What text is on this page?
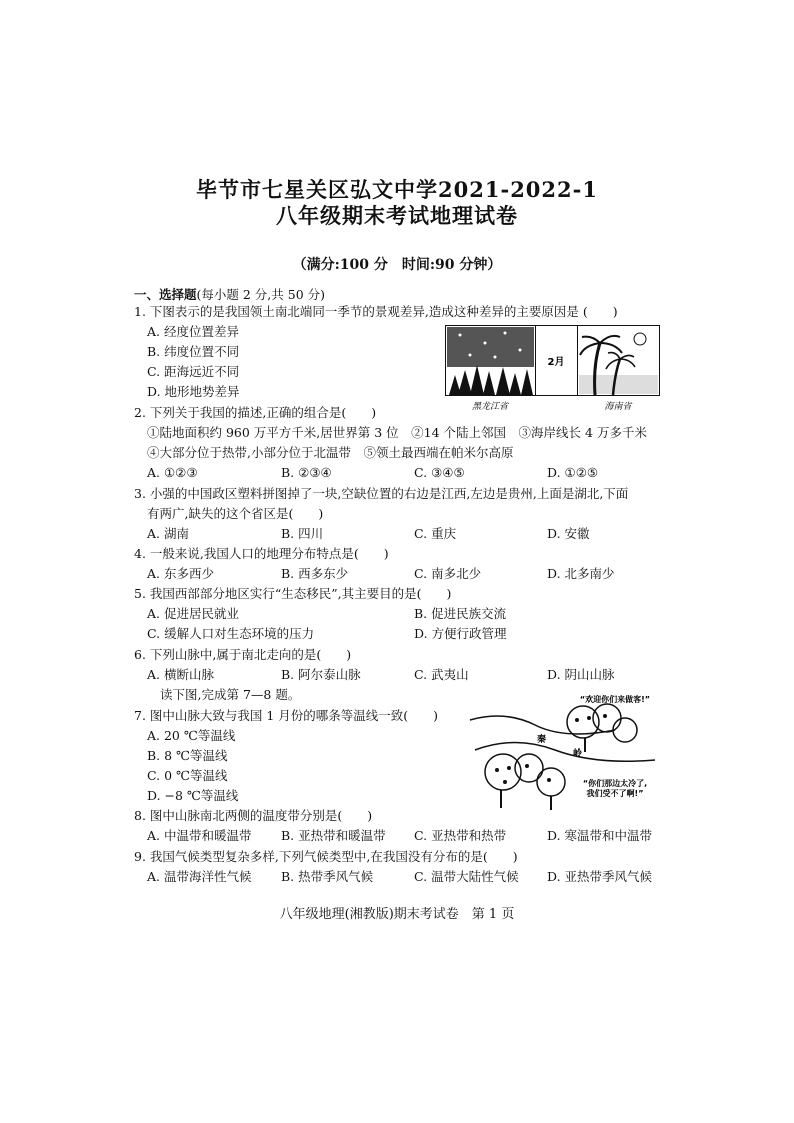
毕节市七星关区弘文中学2021-2022-1
八年级期末考试地理试卷
（满分:100 分　时间:90 分钟）
一、选择题(每小题 2 分,共 50 分)
1. 下图表示的是我国领土南北端同一季节的景观差异,造成这种差异的主要原因是 (　　)
A. 经度位置差异
B. 纬度位置不同
C. 距海远近不同
D. 地形地势差异
2月
黑龙江省	海南省
2. 下列关于我国的描述,正确的组合是(　　)
①陆地面积约 960 万平方千米,居世界第 3 位　②14 个陆上邻国　③海岸线长 4 万多千米
④大部分位于热带,小部分位于北温带　⑤领土最西端在帕米尔高原
A. ①②③	B. ②③④	C. ③④⑤	D. ①②⑤
3. 小强的中国政区塑料拼图掉了一块,空缺位置的右边是江西,左边是贵州,上面是湖北,下面
有两广,缺失的这个省区是(　　)
A. 湖南	B. 四川	C. 重庆	D. 安徽
4. 一般来说,我国人口的地理分布特点是(　　)
A. 东多西少	B. 西多东少	C. 南多北少	D. 北多南少
5. 我国西部部分地区实行“生态移民”,其主要目的是(　　)
A. 促进居民就业	B. 促进民族交流
C. 缓解人口对生态环境的压力	D. 方便行政管理
6. 下列山脉中,属于南北走向的是(　　)
A. 横断山脉	B. 阿尔泰山脉	C. 武夷山	D. 阴山山脉
读下图,完成第 7—8 题。
7. 图中山脉大致与我国 1 月份的哪条等温线一致(　　)
A. 20 ℃等温线
B. 8 ℃等温线
C. 0 ℃等温线
D. −8 ℃等温线
“欢迎你们来做客!”
秦
岭
“你们那边太冷了,
我们受不了啊!”
8. 图中山脉南北两侧的温度带分别是(　　)
A. 中温带和暖温带 B. 亚热带和暖温带 C. 亚热带和热带	D. 寒温带和中温带
9. 我国气候类型复杂多样,下列气候类型中,在我国没有分布的是(　　)
A. 温带海洋性气候 B. 热带季风气候	C. 温带大陆性气候 D. 亚热带季风气候
八年级地理(湘教版)期末考试卷　第 1 页
